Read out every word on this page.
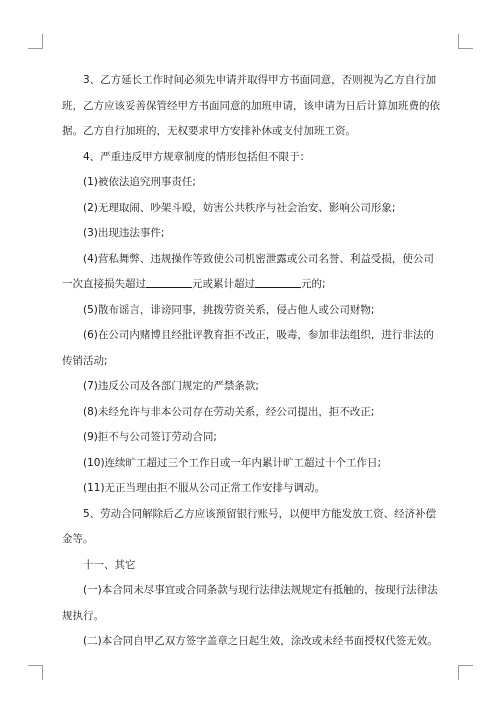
3、乙方延长工作时间必须先申请并取得甲方书面同意，否则视为乙方自行加班，乙方应该妥善保管经甲方书面同意的加班申请，该申请为日后计算加班费的依据。乙方自行加班的，无权要求甲方安排补休或支付加班工资。

4、严重违反甲方规章制度的情形包括但不限于：

(1)被依法追究刑事责任;

(2)无理取闹、吵架斗殴，妨害公共秩序与社会治安、影响公司形象;

(3)出现违法事件;

(4)营私舞弊、违规操作等致使公司机密泄露或公司名誉、利益受损，使公司一次直接损失超过	元或累计超过	元的;

(5)散布谣言，诽谤同事，挑拨劳资关系，侵占他人或公司财物;

(6)在公司内赌博且经批评教育拒不改正，吸毒，参加非法组织，进行非法的传销活动;

(7)违反公司及各部门规定的严禁条款;

(8)未经允许与非本公司存在劳动关系，经公司提出，拒不改正;

(9)拒不与公司签订劳动合同;

(10)连续旷工超过三个工作日或一年内累计旷工超过十个工作日;

(11)无正当理由拒不服从公司正常工作安排与调动。

5、劳动合同解除后乙方应该预留银行账号，以便甲方能发放工资、经济补偿金等。

十一、其它

(一)本合同未尽事宜或合同条款与现行法律法规规定有抵触的，按现行法律法规执行。

(二)本合同自甲乙双方签字盖章之日起生效，涂改或未经书面授权代签无效。
